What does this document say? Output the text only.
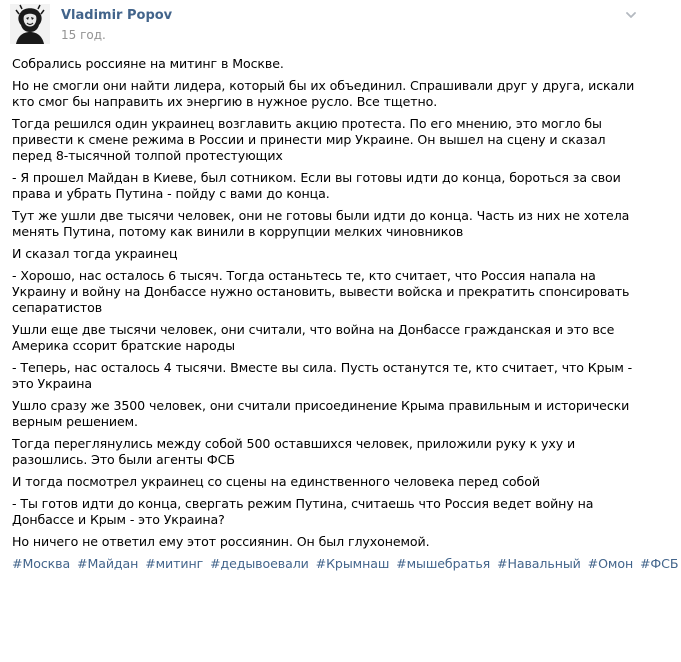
Vladimir Popov
15 год.

Собрались россияне на митинг в Москве.

Но не смогли они найти лидера, который бы их объединил. Спрашивали друг у друга, искали кто смог бы направить их энергию в нужное русло. Все тщетно.

Тогда решился один украинец возглавить акцию протеста. По его мнению, это могло бы привести к смене режима в России и принести мир Украине. Он вышел на сцену и сказал перед 8-тысячной толпой протестующих

- Я прошел Майдан в Киеве, был сотником. Если вы готовы идти до конца, бороться за свои права и убрать Путина - пойду с вами до конца.

Тут же ушли две тысячи человек, они не готовы были идти до конца. Часть из них не хотела менять Путина, потому как винили в коррупции мелких чиновников

И сказал тогда украинец

- Хорошо, нас осталось 6 тысяч. Тогда останьтесь те, кто считает, что Россия напала на Украину и войну на Донбассе нужно остановить, вывести войска и прекратить спонсировать сепаратистов

Ушли еще две тысячи человек, они считали, что война на Донбассе гражданская и это все Америка ссорит братские народы

- Теперь, нас осталось 4 тысячи. Вместе вы сила. Пусть останутся те, кто считает, что Крым - это Украина

Ушло сразу же 3500 человек, они считали присоединение Крыма правильным и исторически верным решением.

Тогда переглянулись между собой 500 оставшихся человек, приложили руку к уху и разошлись. Это были агенты ФСБ

И тогда посмотрел украинец со сцены на единственного человека перед собой

- Ты готов идти до конца, свергать режим Путина, считаешь что Россия ведет войну на Донбассе и Крым - это Украина?

Но ничего не ответил ему этот россиянин. Он был глухонемой.

#Москва #Майдан #митинг #дедывоевали #Крымнаш #мышебратья #Навальный #Омон #ФСБ
